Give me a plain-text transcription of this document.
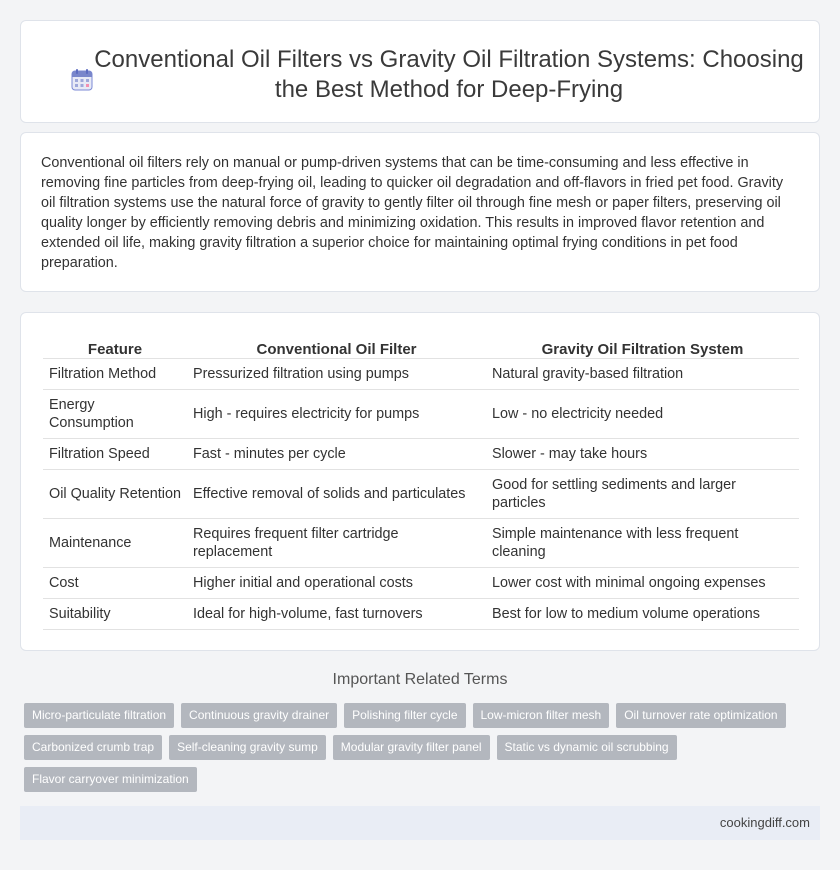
Conventional Oil Filters vs Gravity Oil Filtration Systems: Choosing the Best Method for Deep-Frying

Conventional oil filters rely on manual or pump-driven systems that can be time-consuming and less effective in removing fine particles from deep-frying oil, leading to quicker oil degradation and off-flavors in fried pet food. Gravity oil filtration systems use the natural force of gravity to gently filter oil through fine mesh or paper filters, preserving oil quality longer by efficiently removing debris and minimizing oxidation. This results in improved flavor retention and extended oil life, making gravity filtration a superior choice for maintaining optimal frying conditions in pet food preparation.

Feature	Conventional Oil Filter	Gravity Oil Filtration System
Filtration Method	Pressurized filtration using pumps	Natural gravity-based filtration
Energy Consumption	High - requires electricity for pumps	Low - no electricity needed
Filtration Speed	Fast - minutes per cycle	Slower - may take hours
Oil Quality Retention	Effective removal of solids and particulates	Good for settling sediments and larger particles
Maintenance	Requires frequent filter cartridge replacement	Simple maintenance with less frequent cleaning
Cost	Higher initial and operational costs	Lower cost with minimal ongoing expenses
Suitability	Ideal for high-volume, fast turnovers	Best for low to medium volume operations
Important Related Terms
Micro-particulate filtration	Continuous gravity drainer	Polishing filter cycle	Low-micron filter mesh	Oil turnover rate optimization
Carbonized crumb trap	Self-cleaning gravity sump	Modular gravity filter panel	Static vs dynamic oil scrubbing
Flavor carryover minimization
cookingdiff.com
